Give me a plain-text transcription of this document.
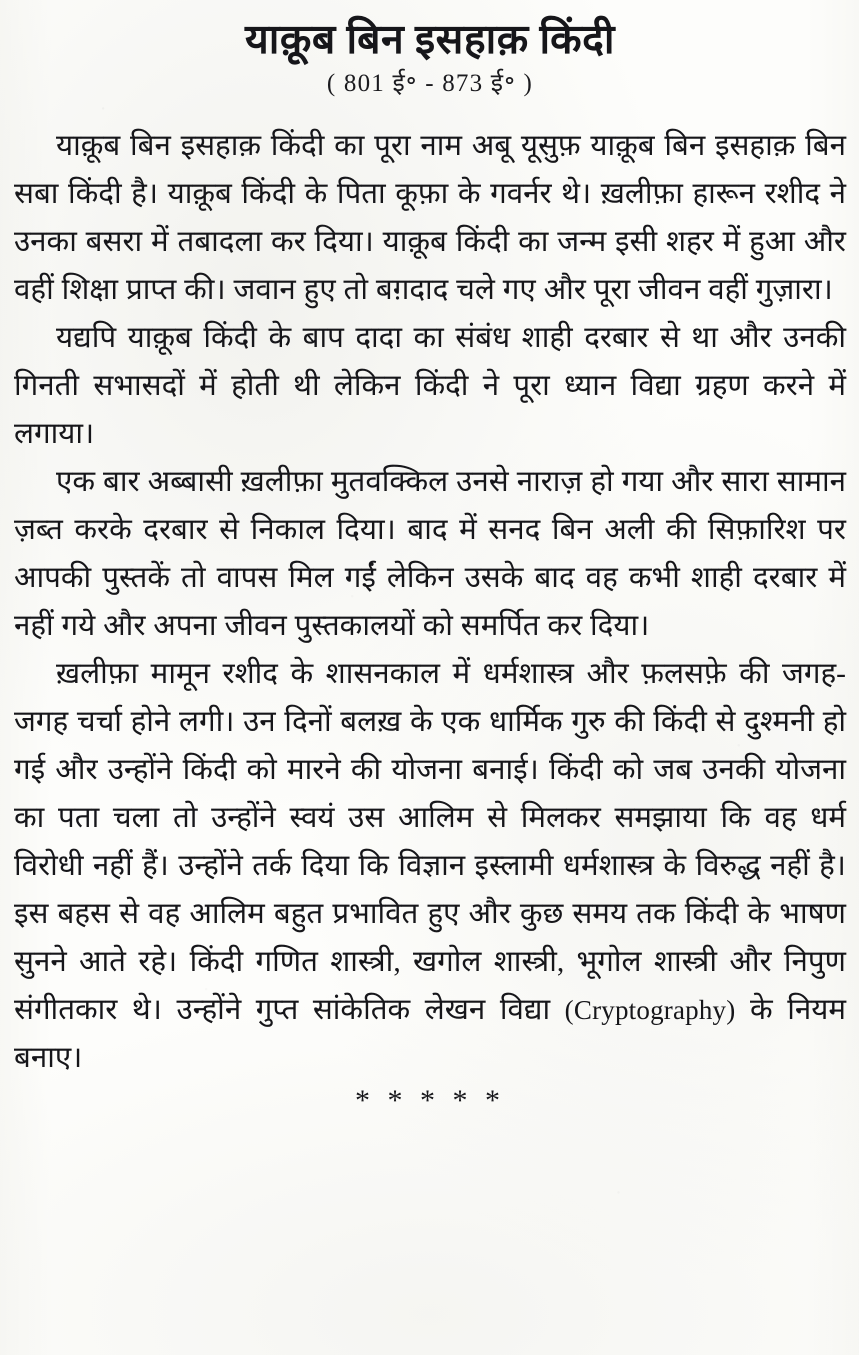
याक़ूब बिन इसहाक़ किंदी
( 801 ई॰ - 873 ई॰ )

याक़ूब बिन इसहाक़ किंदी का पूरा नाम अबू यूसुफ़ याक़ूब बिन इसहाक़ बिन सबा किंदी है। याक़ूब किंदी के पिता कूफ़ा के गवर्नर थे। ख़लीफ़ा हारून रशीद ने उनका बसरा में तबादला कर दिया। याक़ूब किंदी का जन्म इसी शहर में हुआ और वहीं शिक्षा प्राप्त की। जवान हुए तो बग़दाद चले गए और पूरा जीवन वहीं गुज़ारा।

यद्यपि याक़ूब किंदी के बाप दादा का संबंध शाही दरबार से था और उनकी गिनती सभासदों में होती थी लेकिन किंदी ने पूरा ध्यान विद्या ग्रहण करने में लगाया।

एक बार अब्बासी ख़लीफ़ा मुतवक्किल उनसे नाराज़ हो गया और सारा सामान ज़ब्त करके दरबार से निकाल दिया। बाद में सनद बिन अली की सिफ़ारिश पर आपकी पुस्तकें तो वापस मिल गईं लेकिन उसके बाद वह कभी शाही दरबार में नहीं गये और अपना जीवन पुस्तकालयों को समर्पित कर दिया।

ख़लीफ़ा मामून रशीद के शासनकाल में धर्मशास्त्र और फ़लसफ़े की जगह-जगह चर्चा होने लगी। उन दिनों बलख़ के एक धार्मिक गुरु की किंदी से दुश्मनी हो गई और उन्होंने किंदी को मारने की योजना बनाई। किंदी को जब उनकी योजना का पता चला तो उन्होंने स्वयं उस आलिम से मिलकर समझाया कि वह धर्म विरोधी नहीं हैं। उन्होंने तर्क दिया कि विज्ञान इस्लामी धर्मशास्त्र के विरुद्ध नहीं है। इस बहस से वह आलिम बहुत प्रभावित हुए और कुछ समय तक किंदी के भाषण सुनने आते रहे। किंदी गणित शास्त्री, खगोल शास्त्री, भूगोल शास्त्री और निपुण संगीतकार थे। उन्होंने गुप्त सांकेतिक लेखन विद्या (Cryptography) के नियम बनाए।

* * * * *
